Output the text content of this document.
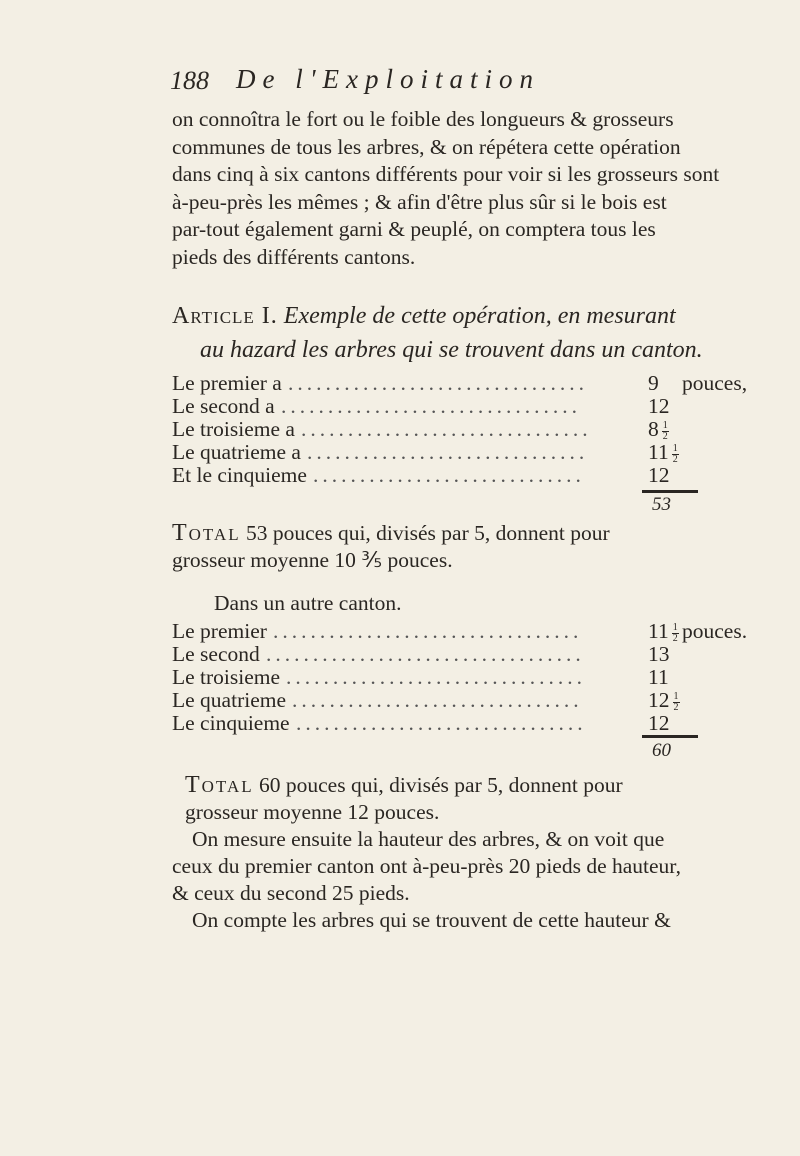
188 De l'Exploitation
on connoîtra le fort ou le foible des longueurs & grosseurs
communes de tous les arbres, & on répétera cette opération
dans cinq à six cantons différents pour voir si les grosseurs sont
à-peu-près les mêmes ; & afin d'être plus sûr si le bois est
par-tout également garni & peuplé, on comptera tous les
pieds des différents cantons.
Article I. Exemple de cette opération, en mesurant
au hazard les arbres qui se trouvent dans un canton.
Le premier a ................................	9 pouces,
Le second a ................................	12
Le troisieme a ...............................	$8 \frac{1}{2}$
Le quatrieme a ..............................	$11 \frac{1}{2}$
Et le cinquieme .............................	12
53
Total 53 pouces qui, divisés par 5, donnent pour
grosseur moyenne 10 ⅗ pouces.
Dans un autre canton.
Le premier .................................	$11 \frac{1}{2}$ pouces.
Le second ..................................	13
Le troisieme ................................	11
Le quatrieme ...............................	$12 \frac{1}{2}$
Le cinquieme ...............................	12
60
Total 60 pouces qui, divisés par 5, donnent pour
grosseur moyenne 12 pouces.
On mesure ensuite la hauteur des arbres, & on voit que
ceux du premier canton ont à-peu-près 20 pieds de hauteur,
& ceux du second 25 pieds.
On compte les arbres qui se trouvent de cette hauteur &
